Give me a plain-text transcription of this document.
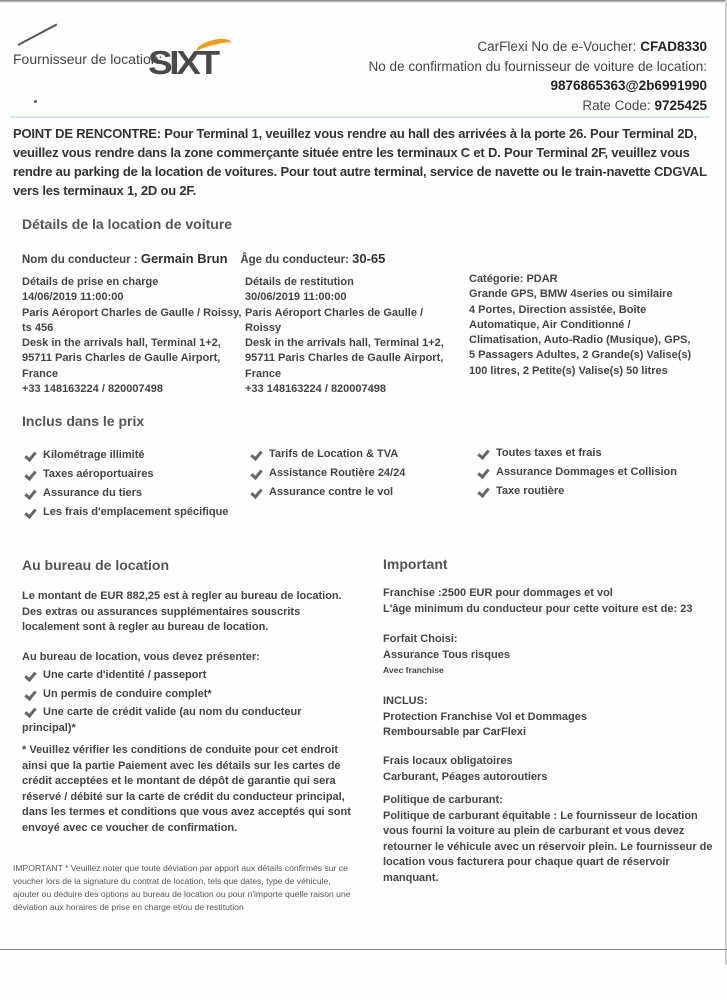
Fournisseur de location:
SIXT	CarFlexi No de e-Voucher: CFAD8330
No de confirmation du fournisseur de voiture de location:
9876865363@2b6991990
Rate Code: 9725425
POINT DE RENCONTRE: Pour Terminal 1, veuillez vous rendre au hall des arrivées à la porte 26. Pour Terminal 2D, veuillez vous rendre dans la zone commerçante située entre les terminaux C et D. Pour Terminal 2F, veuillez vous rendre au parking de la location de voitures. Pour tout autre terminal, service de navette ou le train-navette CDGVAL vers les terminaux 1, 2D ou 2F.
Détails de la location de voiture
Nom du conducteur : Germain Brun Âge du conducteur: 30-65
Détails de prise en charge
14/06/2019 11:00:00
Paris Aéroport Charles de Gaulle / Roissy, ts 456
Desk in the arrivals hall, Terminal 1+2, 95711 Paris Charles de Gaulle Airport, France
+33 148163224 / 820007498
Détails de restitution
30/06/2019 11:00:00
Paris Aéroport Charles de Gaulle / Roissy
Desk in the arrivals hall, Terminal 1+2, 95711 Paris Charles de Gaulle Airport, France
+33 148163224 / 820007498
Catégorie: PDAR
Grande GPS, BMW 4series ou similaire
4 Portes, Direction assistée, Boîte Automatique, Air Conditionné / Climatisation, Auto-Radio (Musique), GPS, 5 Passagers Adultes, 2 Grande(s) Valise(s) 100 litres, 2 Petite(s) Valise(s) 50 litres
Inclus dans le prix
Kilométrage illimité
Taxes aéroportuaires
Assurance du tiers
Les frais d'emplacement spécifique
Tarifs de Location & TVA
Assistance Routière 24/24
Assurance contre le vol
Toutes taxes et frais
Assurance Dommages et Collision
Taxe routière
Au bureau de location
Le montant de EUR 882,25 est à regler au bureau de location. Des extras ou assurances supplémentaires souscrits localement sont à regler au bureau de location.
Au bureau de location, vous devez présenter:
Une carte d'identité / passeport
Un permis de conduire complet*
Une carte de crédit valide (au nom du conducteur principal)*
* Veuillez vérifier les conditions de conduite pour cet endroit ainsi que la partie Paiement avec les détails sur les cartes de crédit acceptées et le montant de dépôt de garantie qui sera réservé / débité sur la carte de crédit du conducteur principal, dans les termes et conditions que vous avez acceptés qui sont envoyé avec ce voucher de confirmation.
IMPORTANT * Veuillez noter que toute déviation par apport aux détails confirmés sur ce voucher lors de la signature du contrat de location, tels que dates, type de véhicule, ajouter ou deduire des options au bureau de location ou pour n'importe quelle raison une déviation aux horaires de prise en charge et/ou de restitution
Important
Franchise :2500 EUR pour dommages et vol
L'âge minimum du conducteur pour cette voiture est de: 23
Forfait Choisi:
Assurance Tous risques
Avec franchise
INCLUS:
Protection Franchise Vol et Dommages
Remboursable par CarFlexi
Frais locaux obligatoires
Carburant, Péages autoroutiers
Politique de carburant:
Politique de carburant équitable : Le fournisseur de location vous fourni la voiture au plein de carburant et vous devez retourner le véhicule avec un réservoir plein. Le fournisseur de location vous facturera pour chaque quart de réservoir manquant.
